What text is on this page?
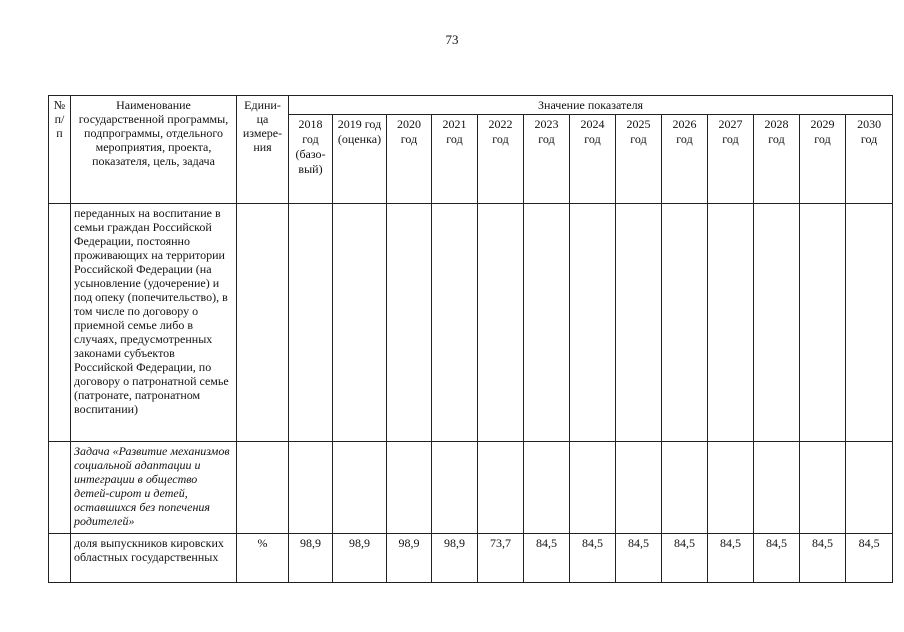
73
№ п/п	Наименование государственной программы, подпрограммы, отдельного мероприятия, проекта, показателя, цель, задача	Едини-ца измере-ния	Значение показателя												
			2018 год (базо-вый)	2019 год (оценка)	2020 год	2021 год	2022 год	2023 год	2024 год	2025 год	2026 год	2027 год	2028 год	2029 год	2030 год
	переданных на воспитание в семьи граждан Российской Федерации, постоянно проживающих на территории Российской Федерации (на усыновление (удочерение) и под опеку (попечительство), в том числе по договору о приемной семье либо в случаях, предусмотренных законами субъектов Российской Федерации, по договору о патронатной семье (патронате, патронатном воспитании)														
	Задача «Развитие механизмов социальной адаптации и интеграции в общество детей-сирот и детей, оставшихся без попечения родителей»														
	доля выпускников кировских областных государственных	%	98,9	98,9	98,9	98,9	73,7	84,5	84,5	84,5	84,5	84,5	84,5	84,5	84,5
